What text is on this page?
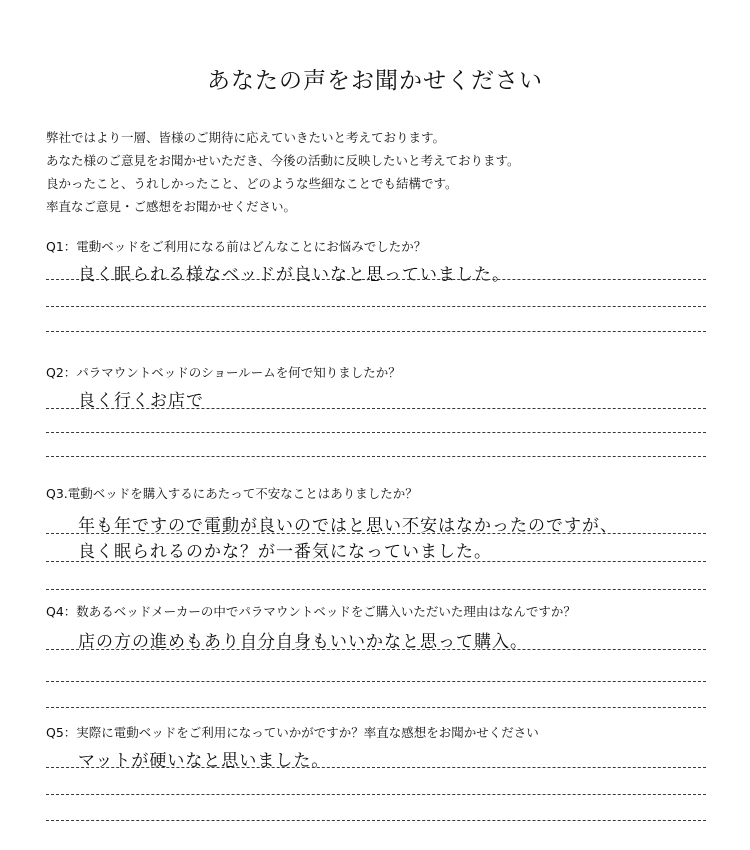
あなたの声をお聞かせください
弊社ではより一層、皆様のご期待に応えていきたいと考えております。
あなた様のご意見をお聞かせいただき、今後の活動に反映したいと考えております。
良かったこと、うれしかったこと、どのような些細なことでも結構です。
率直なご意見・ご感想をお聞かせください。
Q1：電動ベッドをご利用になる前はどんなことにお悩みでしたか？
良く眠られる様なベッドが良いなと思っていました。
Q2：パラマウントベッドのショールームを何で知りましたか？
良く行くお店で
Q3.電動ベッドを購入するにあたって不安なことはありましたか？
年も年ですので電動が良いのではと思い不安はなかったのですが、
良く眠られるのかな？が一番気になっていました。
Q4：数あるベッドメーカーの中でパラマウントベッドをご購入いただいた理由はなんですか？
店の方の進めもあり自分自身もいいかなと思って購入。
Q5：実際に電動ベッドをご利用になっていかがですか？率直な感想をお聞かせください
マットが硬いなと思いました。
